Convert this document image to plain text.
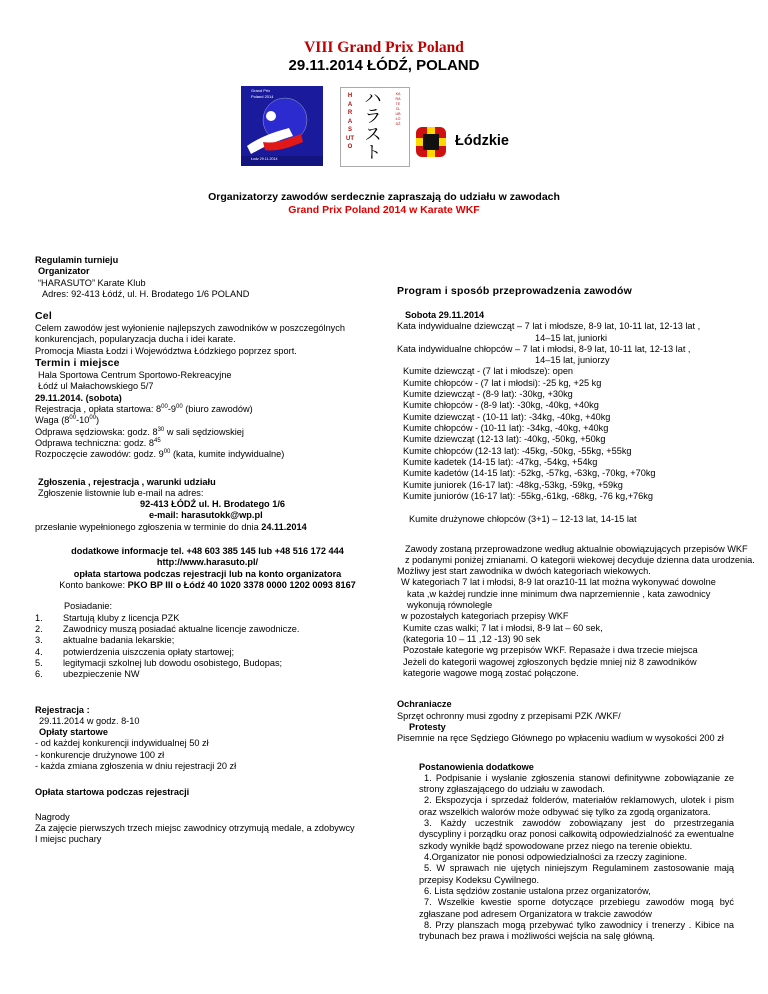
VIII Grand Prix Poland
29.11.2014 ŁÓDŹ, POLAND
Grand Prix
Poland 2014
Łodz 29.11.2014
HARASUTO
ハラスト
KARATE CLUB ŁÓDŹ
Łódzkie
Organizatorzy zawodów serdecznie zapraszają do udziału w zawodach
Grand Prix Poland 2014 w Karate WKF
Regulamin turnieju
Organizator
“HARASUTO” Karate Klub
Adres: 92-413 Łódź, ul. H. Brodatego 1/6 POLAND
Cel
Celem zawodów jest wyłonienie najlepszych zawodników w poszczególnych konkurencjach, popularyzacja ducha i idei karate.
Promocja Miasta Łodzi i Województwa Łódzkiego poprzez sport.
Termin i miejsce
Hala Sportowa Centrum Sportowo-Rekreacyjne
Łódź ul Małachowskiego 5/7
29.11.2014. (sobota)
Rejestracja , opłata startowa: $8^{00}-9^{00}$ (biuro zawodów)
Waga $(8^{00}-10^{00})$
Odprawa sędziowska: godz. $8^{30}$ w sali sędziowskiej
Odprawa techniczna: godz. $8^{45}$
Rozpoczęcie zawodów: godz. $9^{00}$ (kata, kumite indywidualne)
Zgłoszenia , rejestracja , warunki udziału
Zgłoszenie listownie lub e-mail na adres:
92-413 ŁÓDŹ ul. H. Brodatego 1/6
e-mail: harasutokk@wp.pl
przesłanie wypełnionego zgłoszenia w terminie do dnia 24.11.2014
dodatkowe informacje tel. +48 603 385 145 lub +48 516 172 444
http://www.harasuto.pl/
opłata startowa podczas rejestracji lub na konto organizatora
Konto bankowe: PKO BP III o Łódź 40 1020 3378 0000 1202 0093 8167
Posiadanie:
1.	Startują kluby z licencja PZK
2.	Zawodnicy muszą posiadać aktualne licencje zawodnicze.
3.	aktualne badania lekarskie;
4.	potwierdzenia uiszczenia opłaty startowej;
5.	legitymacji szkolnej lub dowodu osobistego, Budopas;
6.	ubezpieczenie NW
Rejestracja :
29.11.2014 w godz. 8-10
Opłaty startowe
- od każdej konkurencji indywidualnej 50 zł
- konkurencje drużynowe 100 zł
- każda zmiana zgłoszenia w dniu rejestracji 20 zł
Opłata startowa podczas rejestracji
Nagrody
Za zajęcie pierwszych trzech miejsc zawodnicy otrzymują medale, a zdobywcy I miejsc puchary
Program i sposób przeprowadzenia zawodów
Sobota 29.11.2014
Kata indywidualne dziewcząt – 7 lat i młodsze, 8-9 lat, 10-11 lat, 12-13 lat ,
14–15 lat, juniorki
Kata indywidualne chłopców – 7 lat i młodsi, 8-9 lat, 10-11 lat, 12-13 lat ,
14–15 lat, juniorzy
Kumite dziewcząt - (7 lat i młodsze): open
Kumite chłopców - (7 lat i młodsi): -25 kg, +25 kg
Kumite dziewcząt - (8-9 lat): -30kg, +30kg
Kumite chłopców - (8-9 lat): -30kg, -40kg, +40kg
Kumite dziewcząt - (10-11 lat): -34kg, -40kg, +40kg
Kumite chłopców - (10-11 lat): -34kg, -40kg, +40kg
Kumite dziewcząt (12-13 lat): -40kg, -50kg, +50kg
Kumite chłopców (12-13 lat): -45kg, -50kg, -55kg, +55kg
Kumite kadetek (14-15 lat): -47kg, -54kg, +54kg
Kumite kadetów (14-15 lat): -52kg, -57kg, -63kg, -70kg, +70kg
Kumite juniorek (16-17 lat): -48kg,-53kg, -59kg, +59kg
Kumite juniorów (16-17 lat): -55kg,-61kg, -68kg, -76 kg,+76kg
Kumite drużynowe chłopców (3+1) – 12-13 lat, 14-15 lat
Zawody zostaną przeprowadzone według aktualnie obowiązujących przepisów WKF
z podanymi poniżej zmianami. O kategorii wiekowej decyduje dzienna data urodzenia.
Możliwy jest start zawodnika w dwóch kategoriach wiekowych.
W kategoriach 7 lat i młodsi, 8-9 lat oraz10-11 lat można wykonywać dowolne
kata ,w każdej rundzie inne minimum dwa naprzemiennie , kata zawodnicy
wykonują równolegle
w pozostałych kategoriach przepisy WKF
Kumite czas walki; 7 lat i młodsi, 8-9 lat – 60 sek,
(kategoria 10 – 11 ,12 -13) 90 sek
Pozostałe kategorie wg przepisów WKF. Repasaże i dwa trzecie miejsca
Jeżeli do kategorii wagowej zgłoszonych będzie mniej niż 8 zawodników
kategorie wagowe mogą zostać połączone.
Ochraniacze
Sprzęt ochronny musi zgodny z przepisami PZK /WKF/
Protesty
Pisemnie na ręce Sędziego Głównego po wpłaceniu wadium w wysokości 200 zł
Postanowienia dodatkowe
1. Podpisanie i wysłanie zgłoszenia stanowi definitywne zobowiązanie ze strony zgłaszającego do udziału w zawodach.
2. Ekspozycja i sprzedaż folderów, materiałów reklamowych, ulotek i pism oraz wszelkich walorów może odbywać się tylko za zgodą organizatora.
3. Każdy uczestnik zawodów zobowiązany jest do przestrzegania dyscypliny i porządku oraz ponosi całkowitą odpowiedzialność za ewentualne szkody wynikłe bądź spowodowane przez niego na terenie obiektu.
4.Organizator nie ponosi odpowiedzialności za rzeczy zaginione.
5. W sprawach nie ujętych niniejszym Regulaminem zastosowanie mają przepisy Kodeksu Cywilnego.
6. Lista sędziów zostanie ustalona przez organizatorów,
7. Wszelkie kwestie sporne dotyczące przebiegu zawodów mogą być zgłaszane pod adresem Organizatora w trakcie zawodów
8. Przy planszach mogą przebywać tylko zawodnicy i trenerzy . Kibice na trybunach bez prawa i możliwości wejścia na salę główną.
